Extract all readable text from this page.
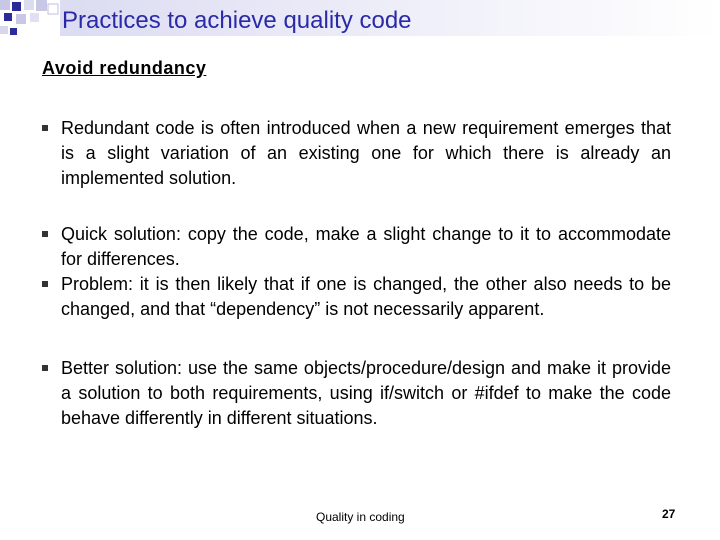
Practices to achieve quality code
Avoid redundancy
Redundant code is often introduced when a new requirement emerges that is a slight variation of an existing one for which there is already an implemented solution.
Quick solution: copy the code, make a slight change to it to accommodate for differences.
Problem: it is then likely that if one is changed, the other also needs to be changed, and that “dependency” is not necessarily apparent.
Better solution: use the same objects/procedure/design and make it provide a solution to both requirements, using if/switch or #ifdef to make the code behave differently in different situations.
Quality in coding	27
